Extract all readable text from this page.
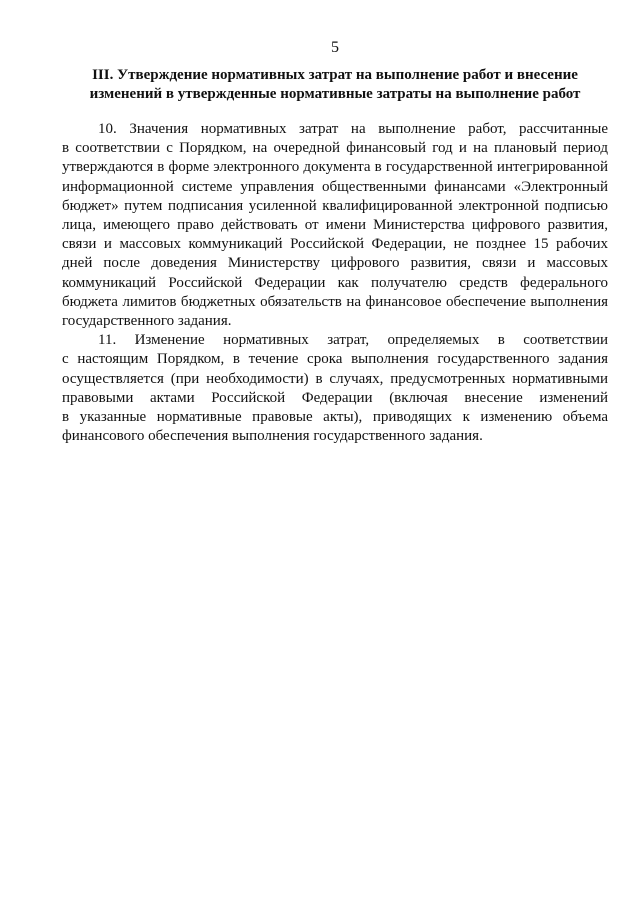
5
III. Утверждение нормативных затрат на выполнение работ и внесение
изменений в утвержденные нормативные затраты на выполнение работ
10. Значения нормативных затрат на выполнение работ, рассчитанные
в соответствии с Порядком, на очередной финансовый год и на плановый период
утверждаются в форме электронного документа в государственной интегрированной
информационной системе управления общественными финансами «Электронный
бюджет» путем подписания усиленной квалифицированной электронной подписью
лица, имеющего право действовать от имени Министерства цифрового развития,
связи и массовых коммуникаций Российской Федерации, не позднее 15 рабочих
дней после доведения Министерству цифрового развития, связи и массовых
коммуникаций Российской Федерации как получателю средств федерального
бюджета лимитов бюджетных обязательств на финансовое обеспечение выполнения
государственного задания.
11. Изменение нормативных затрат, определяемых в соответствии
с настоящим Порядком, в течение срока выполнения государственного задания
осуществляется (при необходимости) в случаях, предусмотренных нормативными
правовыми актами Российской Федерации (включая внесение изменений
в указанные нормативные правовые акты), приводящих к изменению объема
финансового обеспечения выполнения государственного задания.
